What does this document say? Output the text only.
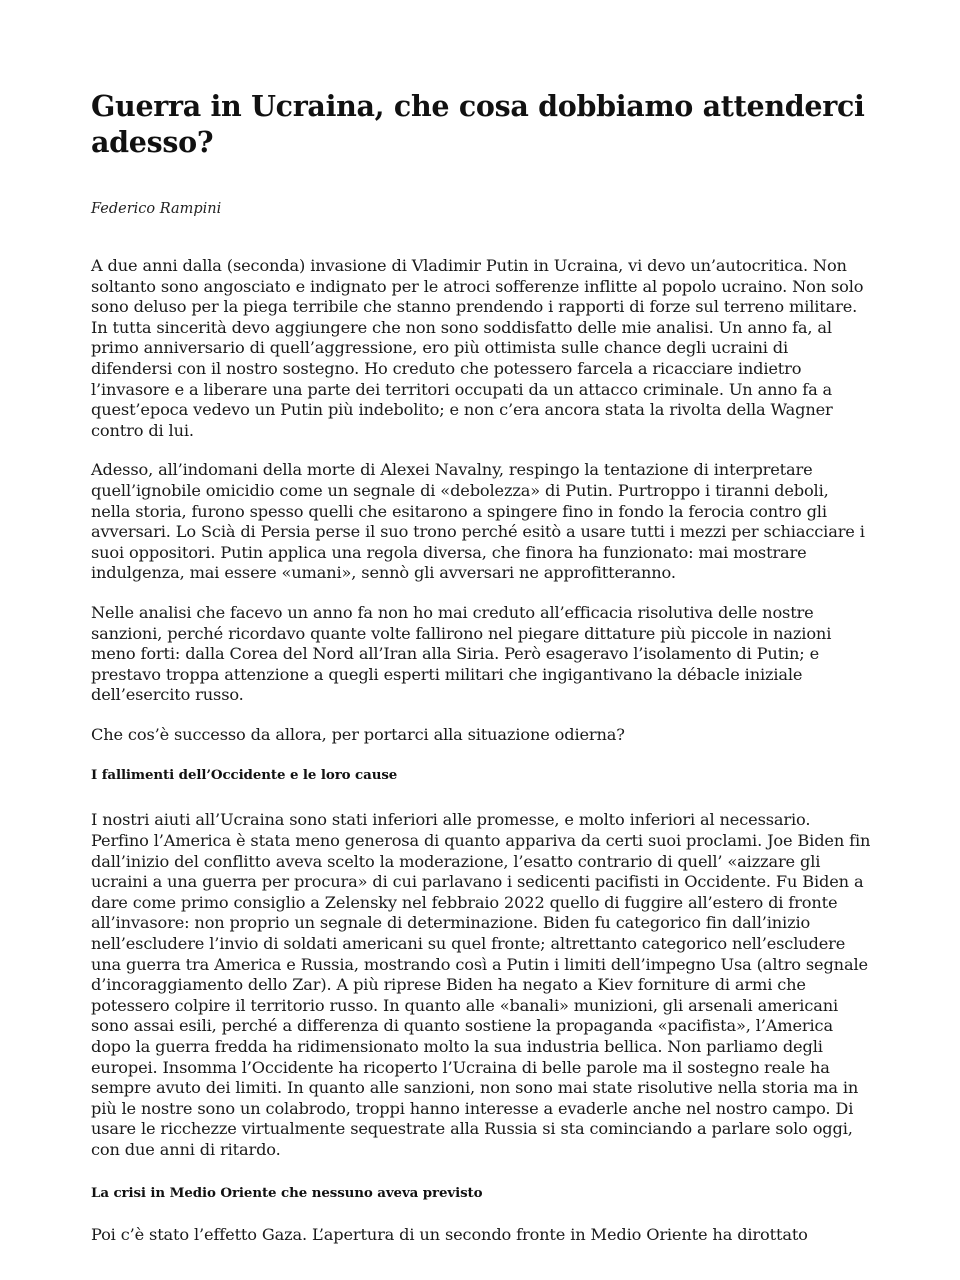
Guerra in Ucraina, che cosa dobbiamo attenderci adesso?
Federico Rampini

A due anni dalla (seconda) invasione di Vladimir Putin in Ucraina, vi devo un’autocritica. Non soltanto sono angosciato e indignato per le atroci sofferenze inflitte al popolo ucraino. Non solo sono deluso per la piega terribile che stanno prendendo i rapporti di forze sul terreno militare. In tutta sincerità devo aggiungere che non sono soddisfatto delle mie analisi. Un anno fa, al primo anniversario di quell’aggressione, ero più ottimista sulle chance degli ucraini di difendersi con il nostro sostegno. Ho creduto che potessero farcela a ricacciare indietro l’invasore e a liberare una parte dei territori occupati da un attacco criminale. Un anno fa a quest’epoca vedevo un Putin più indebolito; e non c’era ancora stata la rivolta della Wagner contro di lui.

Adesso, all’indomani della morte di Alexei Navalny, respingo la tentazione di interpretare quell’ignobile omicidio come un segnale di «debolezza» di Putin. Purtroppo i tiranni deboli, nella storia, furono spesso quelli che esitarono a spingere fino in fondo la ferocia contro gli avversari. Lo Scià di Persia perse il suo trono perché esitò a usare tutti i mezzi per schiacciare i suoi oppositori. Putin applica una regola diversa, che finora ha funzionato: mai mostrare indulgenza, mai essere «umani», sennò gli avversari ne approfitteranno.

Nelle analisi che facevo un anno fa non ho mai creduto all’efficacia risolutiva delle nostre sanzioni, perché ricordavo quante volte fallirono nel piegare dittature più piccole in nazioni meno forti: dalla Corea del Nord all’Iran alla Siria. Però esageravo l’isolamento di Putin; e prestavo troppa attenzione a quegli esperti militari che ingigantivano la débacle iniziale dell’esercito russo.

Che cos’è successo da allora, per portarci alla situazione odierna?

I fallimenti dell’Occidente e le loro cause

I nostri aiuti all’Ucraina sono stati inferiori alle promesse, e molto inferiori al necessario. Perfino l’America è stata meno generosa di quanto appariva da certi suoi proclami. Joe Biden fin dall’inizio del conflitto aveva scelto la moderazione, l’esatto contrario di quell’ «aizzare gli ucraini a una guerra per procura» di cui parlavano i sedicenti pacifisti in Occidente. Fu Biden a dare come primo consiglio a Zelensky nel febbraio 2022 quello di fuggire all’estero di fronte all’invasore: non proprio un segnale di determinazione. Biden fu categorico fin dall’inizio nell’escludere l’invio di soldati americani su quel fronte; altrettanto categorico nell’escludere una guerra tra America e Russia, mostrando così a Putin i limiti dell’impegno Usa (altro segnale d’incoraggiamento dello Zar). A più riprese Biden ha negato a Kiev forniture di armi che potessero colpire il territorio russo. In quanto alle «banali» munizioni, gli arsenali americani sono assai esili, perché a differenza di quanto sostiene la propaganda «pacifista», l’America dopo la guerra fredda ha ridimensionato molto la sua industria bellica. Non parliamo degli europei. Insomma l’Occidente ha ricoperto l’Ucraina di belle parole ma il sostegno reale ha sempre avuto dei limiti. In quanto alle sanzioni, non sono mai state risolutive nella storia ma in più le nostre sono un colabrodo, troppi hanno interesse a evaderle anche nel nostro campo. Di usare le ricchezze virtualmente sequestrate alla Russia si sta cominciando a parlare solo oggi, con due anni di ritardo.

La crisi in Medio Oriente che nessuno aveva previsto

Poi c’è stato l’effetto Gaza. L’apertura di un secondo fronte in Medio Oriente ha dirottato
